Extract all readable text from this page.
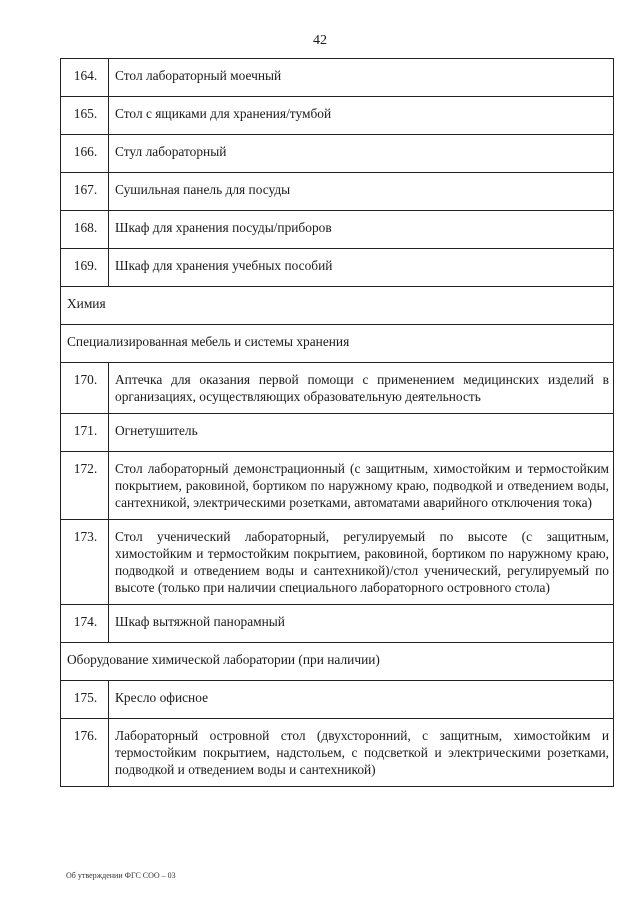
42
164.	Стол лабораторный моечный
165.	Стол с ящиками для хранения/тумбой
166.	Стул лабораторный
167.	Сушильная панель для посуды
168.	Шкаф для хранения посуды/приборов
169.	Шкаф для хранения учебных пособий
Химия	
Специализированная мебель и системы хранения	
170.	Аптечка для оказания первой помощи с применением медицинских изделий в организациях, осуществляющих образовательную деятельность
171.	Огнетушитель
172.	Стол лабораторный демонстрационный (с защитным, химостойким и термостойким покрытием, раковиной, бортиком по наружному краю, подводкой и отведением воды, сантехникой, электрическими розетками, автоматами аварийного отключения тока)
173.	Стол ученический лабораторный, регулируемый по высоте (с защитным, химостойким и термостойким покрытием, раковиной, бортиком по наружному краю, подводкой и отведением воды и сантехникой)/стол ученический, регулируемый по высоте (только при наличии специального лабораторного островного стола)
174.	Шкаф вытяжной панорамный
Оборудование химической лаборатории (при наличии)	
175.	Кресло офисное
176.	Лабораторный островной стол (двухсторонний, с защитным, химостойким и термостойким покрытием, надстольем, с подсветкой и электрическими розетками, подводкой и отведением воды и сантехникой)
Об утверждении ФГС СОО – 03
